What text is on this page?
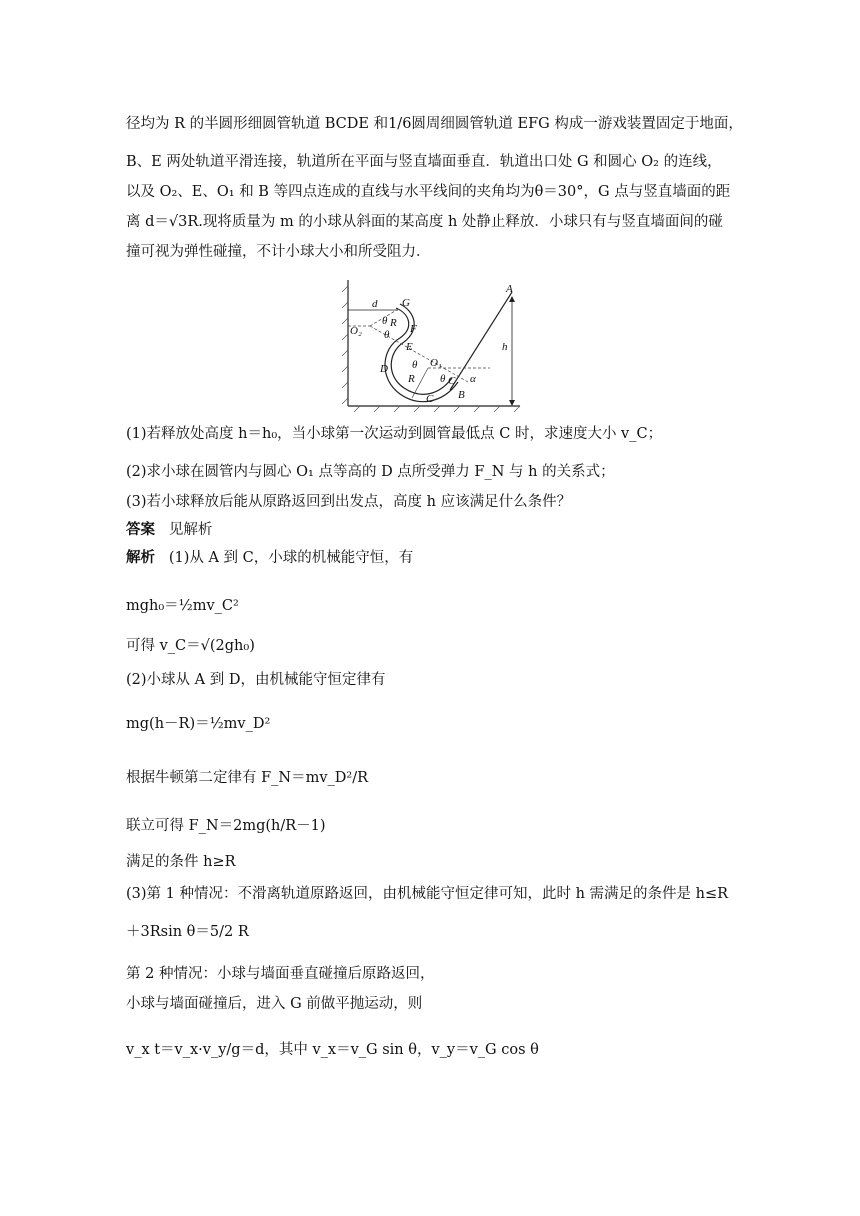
径均为 R 的半圆形细圆管轨道 BCDE 和1/6圆周细圆管轨道 EFG 构成一游戏装置固定于地面，
B、E 两处轨道平滑连接，轨道所在平面与竖直墙面垂直．轨道出口处 G 和圆心 O₂ 的连线，
以及 O₂、E、O₁ 和 B 等四点连成的直线与水平线间的夹角均为θ＝30°，G 点与竖直墙面的距
离 d＝√3R.现将质量为 m 的小球从斜面的某高度 h 处静止释放．小球只有与竖直墙面间的碰
撞可视为弹性碰撞，不计小球大小和所受阻力．
A
d G
O₂
R
θ
θ F
E	h
θ O₁
D
R θ C α
C B
(1)若释放处高度 h＝h₀，当小球第一次运动到圆管最低点 C 时，求速度大小 v_C；
(2)求小球在圆管内与圆心 O₁ 点等高的 D 点所受弹力 F_N 与 h 的关系式；
(3)若小球释放后能从原路返回到出发点，高度 h 应该满足什么条件？
答案 见解析
解析 (1)从 A 到 C，小球的机械能守恒，有
mgh₀＝½mv_C²
可得 v_C＝√(2gh₀)
(2)小球从 A 到 D，由机械能守恒定律有
mg(h－R)＝½mv_D²
根据牛顿第二定律有 F_N＝mv_D²/R
联立可得 F_N＝2mg(h/R－1)
满足的条件 h≥R
(3)第 1 种情况：不滑离轨道原路返回，由机械能守恒定律可知，此时 h 需满足的条件是 h≤R
＋3Rsin θ＝5/2 R
第 2 种情况：小球与墙面垂直碰撞后原路返回，
小球与墙面碰撞后，进入 G 前做平抛运动，则
v_x t＝v_x·v_y/g＝d，其中 v_x＝v_G sin θ，v_y＝v_G cos θ
